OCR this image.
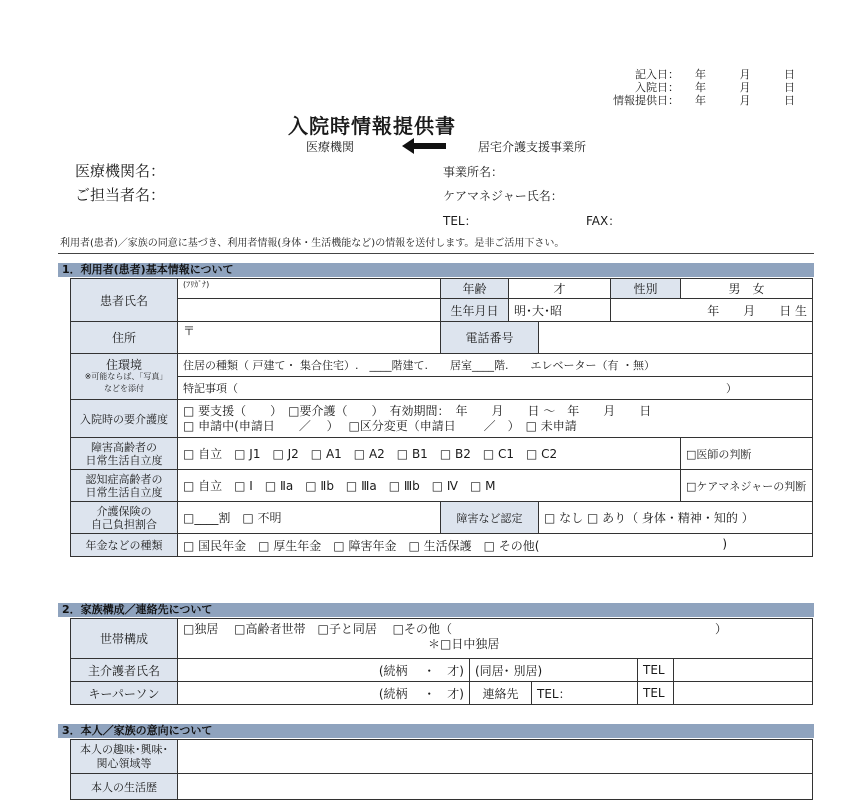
記入日： 年	月	日
入院日： 年	月	日
情報提供日： 年	月	日
入院時情報提供書
医療機関	居宅介護支援事業所
医療機関名：
ご担当者名：
事業所名：
ケアマネジャー氏名：
TEL：	FAX：
利用者(患者)／家族の同意に基づき、利用者情報(身体・生活機能など)の情報を送付します。是非ご活用下さい。
1．利用者(患者)基本情報について
患者氏名	(ﾌﾘｶﾞﾅ)	年齢	才		性別	男　女
		生年月日	明･大･昭		年　　月　　日 生	
住所	〒	電話番号				

住環境
※可能ならば、｢写真｣
などを添付	住居の種類（ 戸建て・ 集合住宅）.　____階建て.　　居室____階.　　エレベーター（有 ・無）					
	特記事項（ ）					

入院時の要介護度	□ 要支援（　　）　□要介護（　　）　有効期間：　年　　月　　日 ～　年　　月　　日
□ 申請中(申請日　　／　 ）　 □区分変更（申請日　　 ／　）　□ 未申請					

障害高齢者の
日常生活自立度	□ 自立　□ J1　□ J2　□ A1　□ A2　□ B1　□ B2　□ C1　□ C2					□医師の判断

認知症高齢者の
日常生活自立度	□ 自立　□ Ⅰ　□ Ⅱa　□ Ⅱb　□ Ⅲa　□ Ⅲb　□ Ⅳ　□ M					□ケアマネジャーの判断

介護保険の
自己負担割合	□____割　□ 不明	障害など認定		□ なし □ あり（ 身体・精神・知的 ）		
年金などの種類	□ 国民年金　□ 厚生年金　□ 障害年金　□ 生活保護　□ その他( )					
2．家族構成／連絡先について
世帯構成	□独居　 □高齢者世帯　□子と同居　 □その他（ ）
＊□日中独居				

主介護者氏名	(続柄　 ・　才)	(同居･ 別居)		TEL	
キーパーソン	(続柄　 ・　才)	連絡先	TEL：	TEL	
3．本人／家族の意向について
本人の趣味･興味･
関心領域等	

本人の生活歴	
